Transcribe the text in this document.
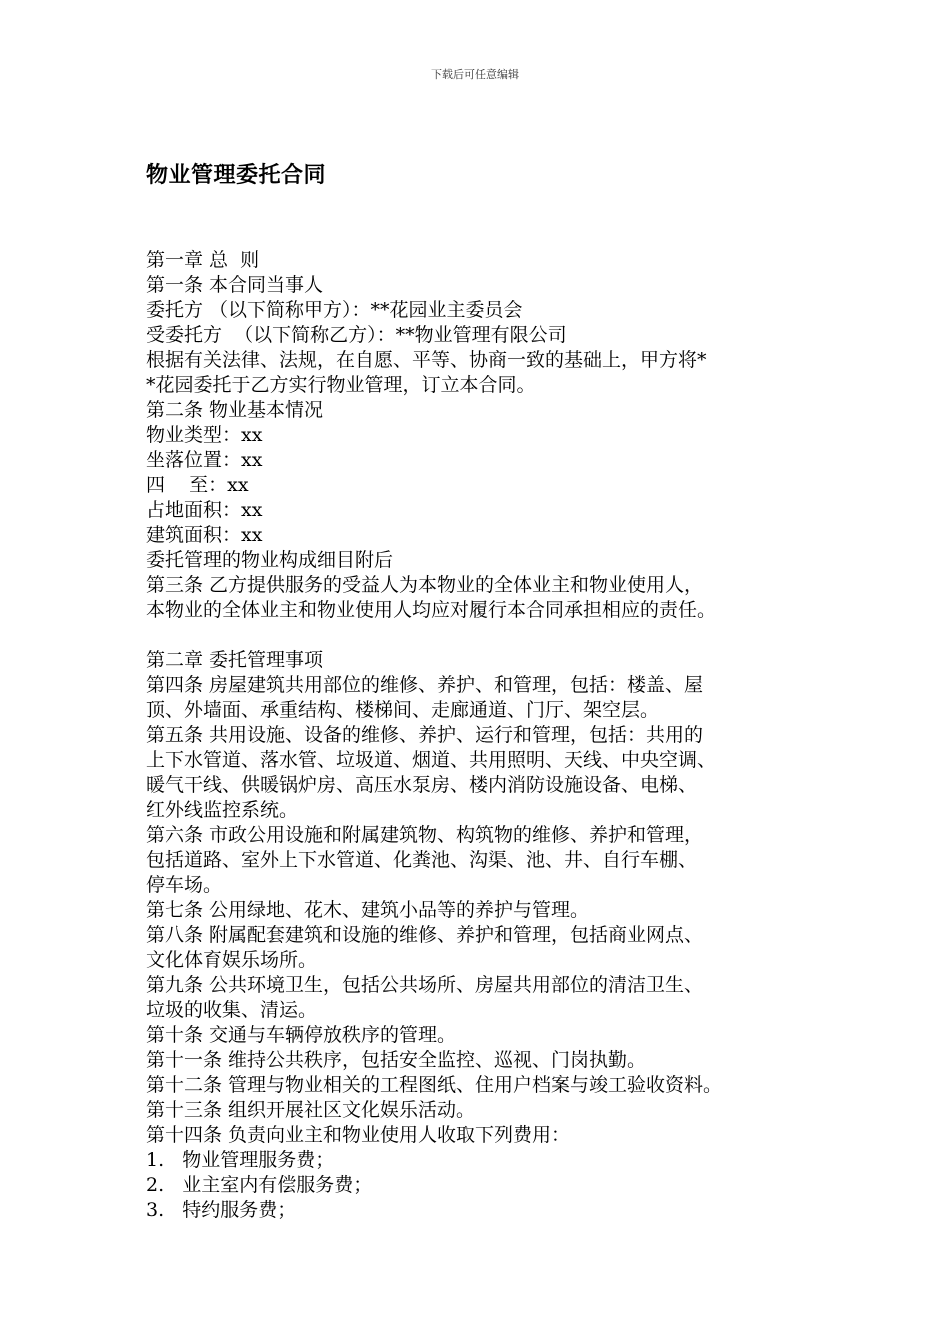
下载后可任意编辑
物业管理委托合同
第一章 总  则
第一条 本合同当事人
委托方 （以下简称甲方）：**花园业主委员会
受委托方  （以下简称乙方）：**物业管理有限公司
根据有关法律、法规，在自愿、平等、协商一致的基础上，甲方将*
*花园委托于乙方实行物业管理，订立本合同。
第二条 物业基本情况
物业类型：xx
坐落位置：xx
四    至：xx
占地面积：xx
建筑面积：xx
委托管理的物业构成细目附后
第三条 乙方提供服务的受益人为本物业的全体业主和物业使用人，
本物业的全体业主和物业使用人均应对履行本合同承担相应的责任。
第二章 委托管理事项
第四条 房屋建筑共用部位的维修、养护、和管理，包括：楼盖、屋
顶、外墙面、承重结构、楼梯间、走廊通道、门厅、架空层。
第五条 共用设施、设备的维修、养护、运行和管理，包括：共用的
上下水管道、落水管、垃圾道、烟道、共用照明、天线、中央空调、
暖气干线、供暖锅炉房、高压水泵房、楼内消防设施设备、电梯、
红外线监控系统。
第六条 市政公用设施和附属建筑物、构筑物的维修、养护和管理，
包括道路、室外上下水管道、化粪池、沟渠、池、井、自行车棚、
停车场。
第七条 公用绿地、花木、建筑小品等的养护与管理。
第八条 附属配套建筑和设施的维修、养护和管理，包括商业网点、
文化体育娱乐场所。
第九条 公共环境卫生，包括公共场所、房屋共用部位的清洁卫生、
垃圾的收集、清运。
第十条 交通与车辆停放秩序的管理。
第十一条 维持公共秩序，包括安全监控、巡视、门岗执勤。
第十二条 管理与物业相关的工程图纸、住用户档案与竣工验收资料。
第十三条 组织开展社区文化娱乐活动。
第十四条 负责向业主和物业使用人收取下列费用：
1.   物业管理服务费；
2.   业主室内有偿服务费；
3.   特约服务费；
